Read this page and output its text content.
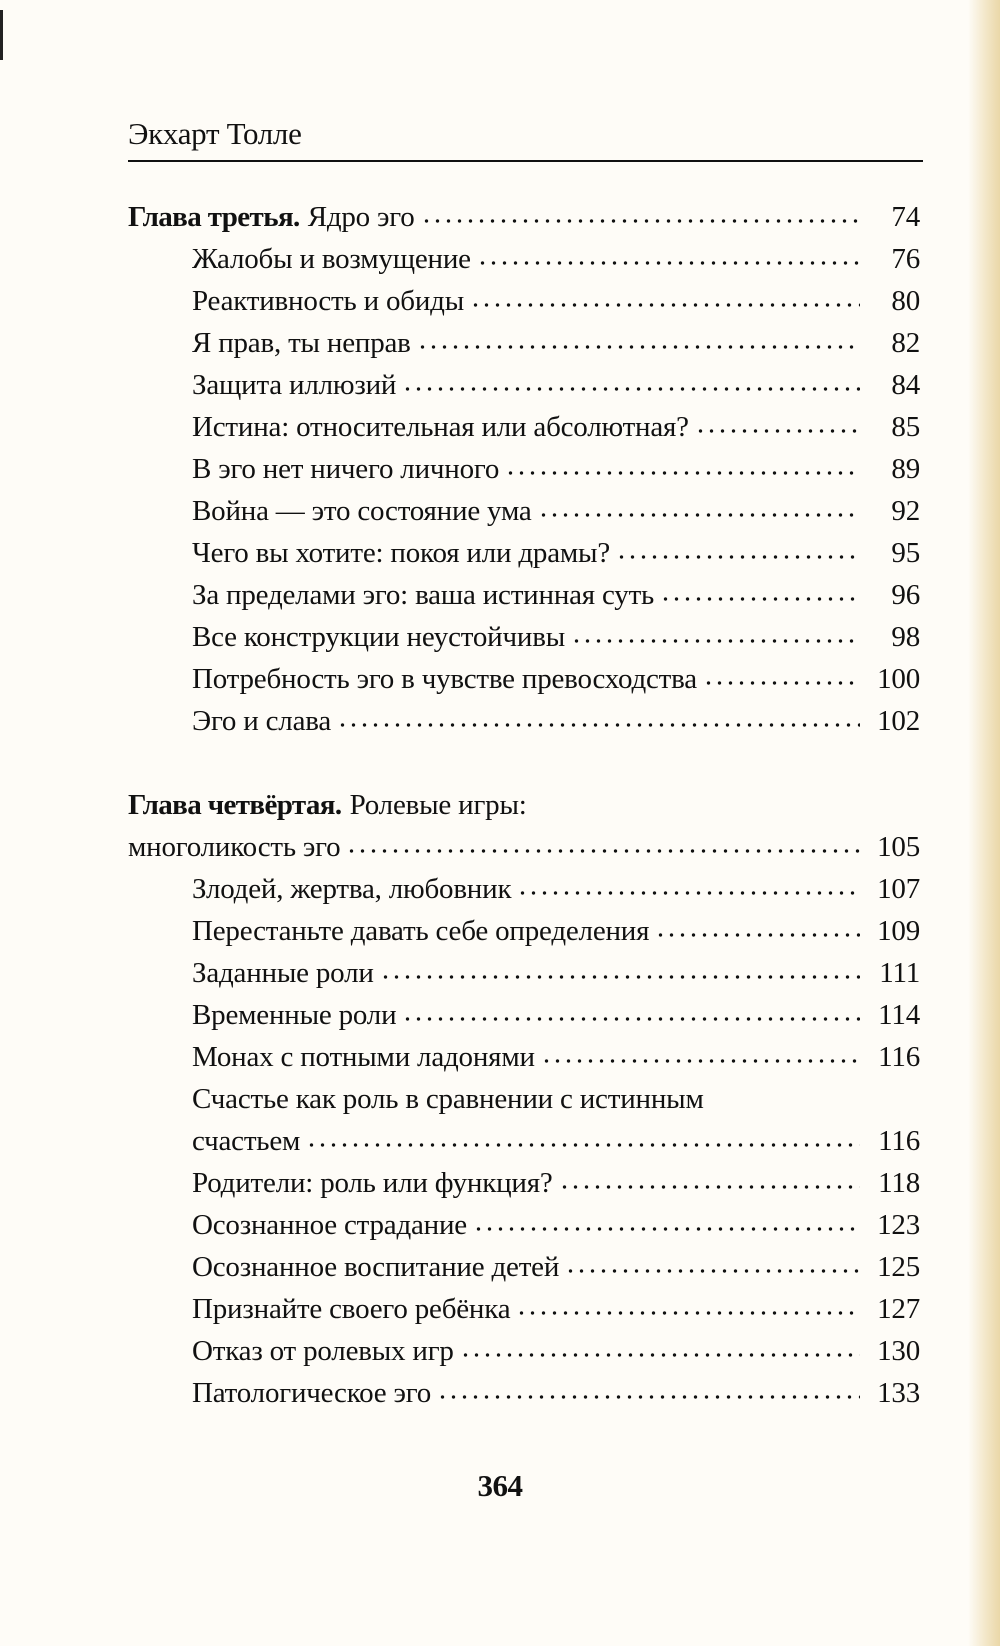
Экхарт Толле
Глава третья. Ядро эго	74
Жалобы и возмущение	76
Реактивность и обиды	80
Я прав, ты неправ	82
Защита иллюзий	84
Истина: относительная или абсолютная?	85
В эго нет ничего личного	89
Война — это состояние ума	92
Чего вы хотите: покоя или драмы?	95
За пределами эго: ваша истинная суть	96
Все конструкции неустойчивы	98
Потребность эго в чувстве превосходства	100
Эго и слава	102
Глава четвёртая. Ролевые игры:
многоликость эго	105
Злодей, жертва, любовник	107
Перестаньте давать себе определения	109
Заданные роли	111
Временные роли	114
Монах с потными ладонями	116
Счастье как роль в сравнении с истинным
счастьем	116
Родители: роль или функция?	118
Осознанное страдание	123
Осознанное воспитание детей	125
Признайте своего ребёнка	127
Отказ от ролевых игр	130
Патологическое эго	133
364
